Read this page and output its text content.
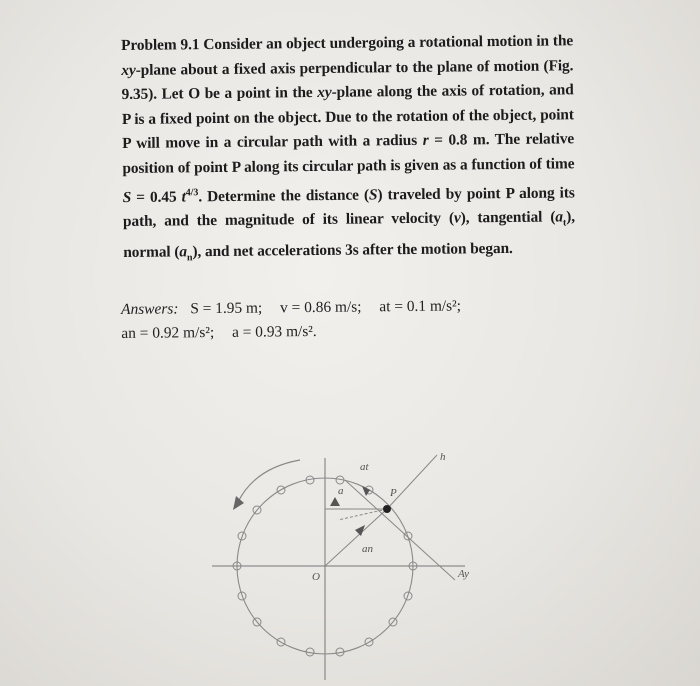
Problem 9.1 Consider an object undergoing a rotational motion in the xy-plane about a fixed axis perpendicular to the plane of motion (Fig. 9.35). Let O be a point in the xy-plane along the axis of rotation, and P is a fixed point on the object. Due to the rotation of the object, point P will move in a circular path with a radius r = 0.8 m. The relative position of point P along its circular path is given as a function of time S = 0.45 $t^{4/3}$. Determine the distance (S) traveled by point P along its path, and the magnitude of its linear velocity (v), tangential $(a_t)$, normal $(a_n)$, and net accelerations 3s after the motion began.

Answers: S = 1.95 m; v = 0.86 m/s; at = 0.1 m/s²;
an = 0.92 m/s²; a = 0.93 m/s².
at
a
an
P
O
h
Ay
